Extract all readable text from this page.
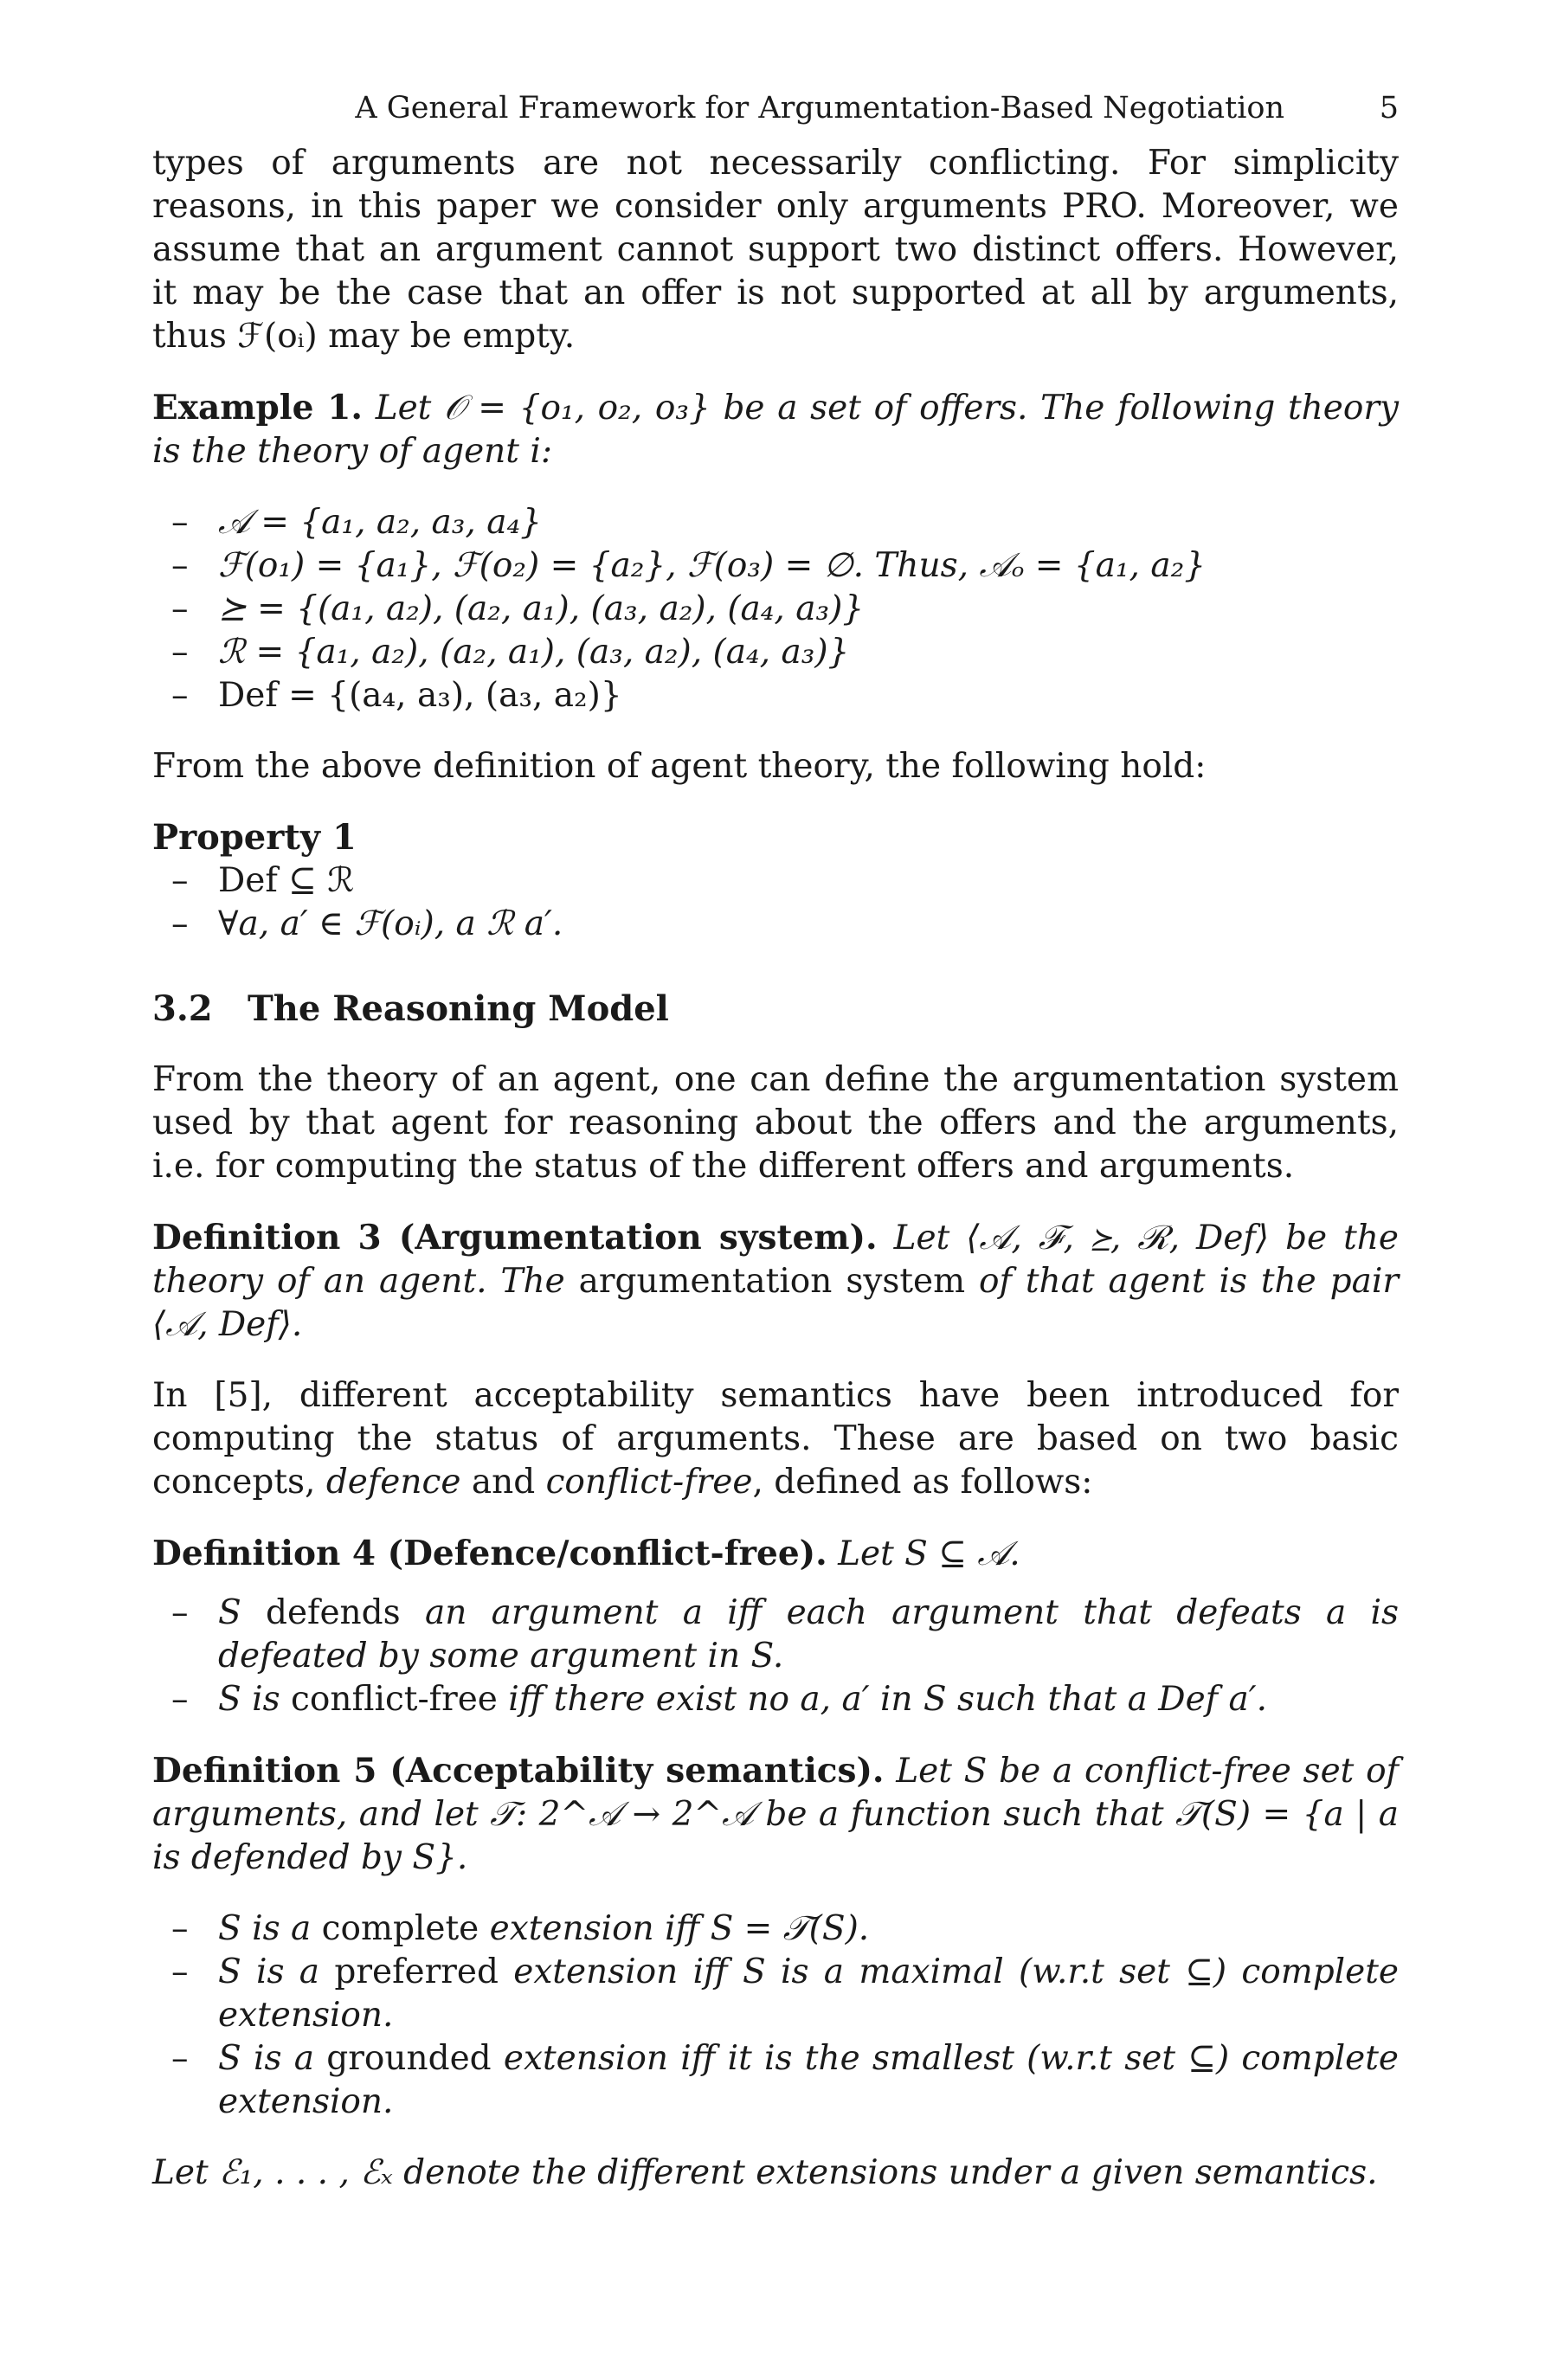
A General Framework for Argumentation-Based Negotiation	5

types of arguments are not necessarily conflicting. For simplicity reasons, in this paper we consider only arguments PRO. Moreover, we assume that an argument cannot support two distinct offers. However, it may be the case that an offer is not supported at all by arguments, thus ℱ(oᵢ) may be empty.

Example 1. Let 𝒪 = {o₁, o₂, o₃} be a set of offers. The following theory is the theory of agent i:

– 𝒜 = {a₁, a₂, a₃, a₄}
– ℱ(o₁) = {a₁}, ℱ(o₂) = {a₂}, ℱ(o₃) = ∅. Thus, 𝒜ₒ = {a₁, a₂}
– ⪰ = {(a₁, a₂), (a₂, a₁), (a₃, a₂), (a₄, a₃)}
– ℛ = {a₁, a₂), (a₂, a₁), (a₃, a₂), (a₄, a₃)}
– Def = {(a₄, a₃), (a₃, a₂)}

From the above definition of agent theory, the following hold:

Property 1
– Def ⊆ ℛ
– ∀a, a′ ∈ ℱ(oᵢ), a ℛ a′.
3.2 The Reasoning Model

From the theory of an agent, one can define the argumentation system used by that agent for reasoning about the offers and the arguments, i.e. for computing the status of the different offers and arguments.

Definition 3 (Argumentation system). Let ⟨𝒜, ℱ, ⪰, ℛ, Def⟩ be the theory of an agent. The argumentation system of that agent is the pair ⟨𝒜, Def⟩.

In [5], different acceptability semantics have been introduced for computing the status of arguments. These are based on two basic concepts, defence and conflict-free, defined as follows:

Definition 4 (Defence/conflict-free). Let S ⊆ 𝒜.

– S defends an argument a iff each argument that defeats a is defeated by some argument in S.
– S is conflict-free iff there exist no a, a′ in S such that a Def a′.

Definition 5 (Acceptability semantics). Let S be a conflict-free set of arguments, and let 𝒯: 2^𝒜 → 2^𝒜 be a function such that 𝒯(S) = {a | a is defended by S}.

– S is a complete extension iff S = 𝒯(S).
– S is a preferred extension iff S is a maximal (w.r.t set ⊆) complete extension.
– S is a grounded extension iff it is the smallest (w.r.t set ⊆) complete extension.

Let ℰ₁, . . . , ℰₓ denote the different extensions under a given semantics.
